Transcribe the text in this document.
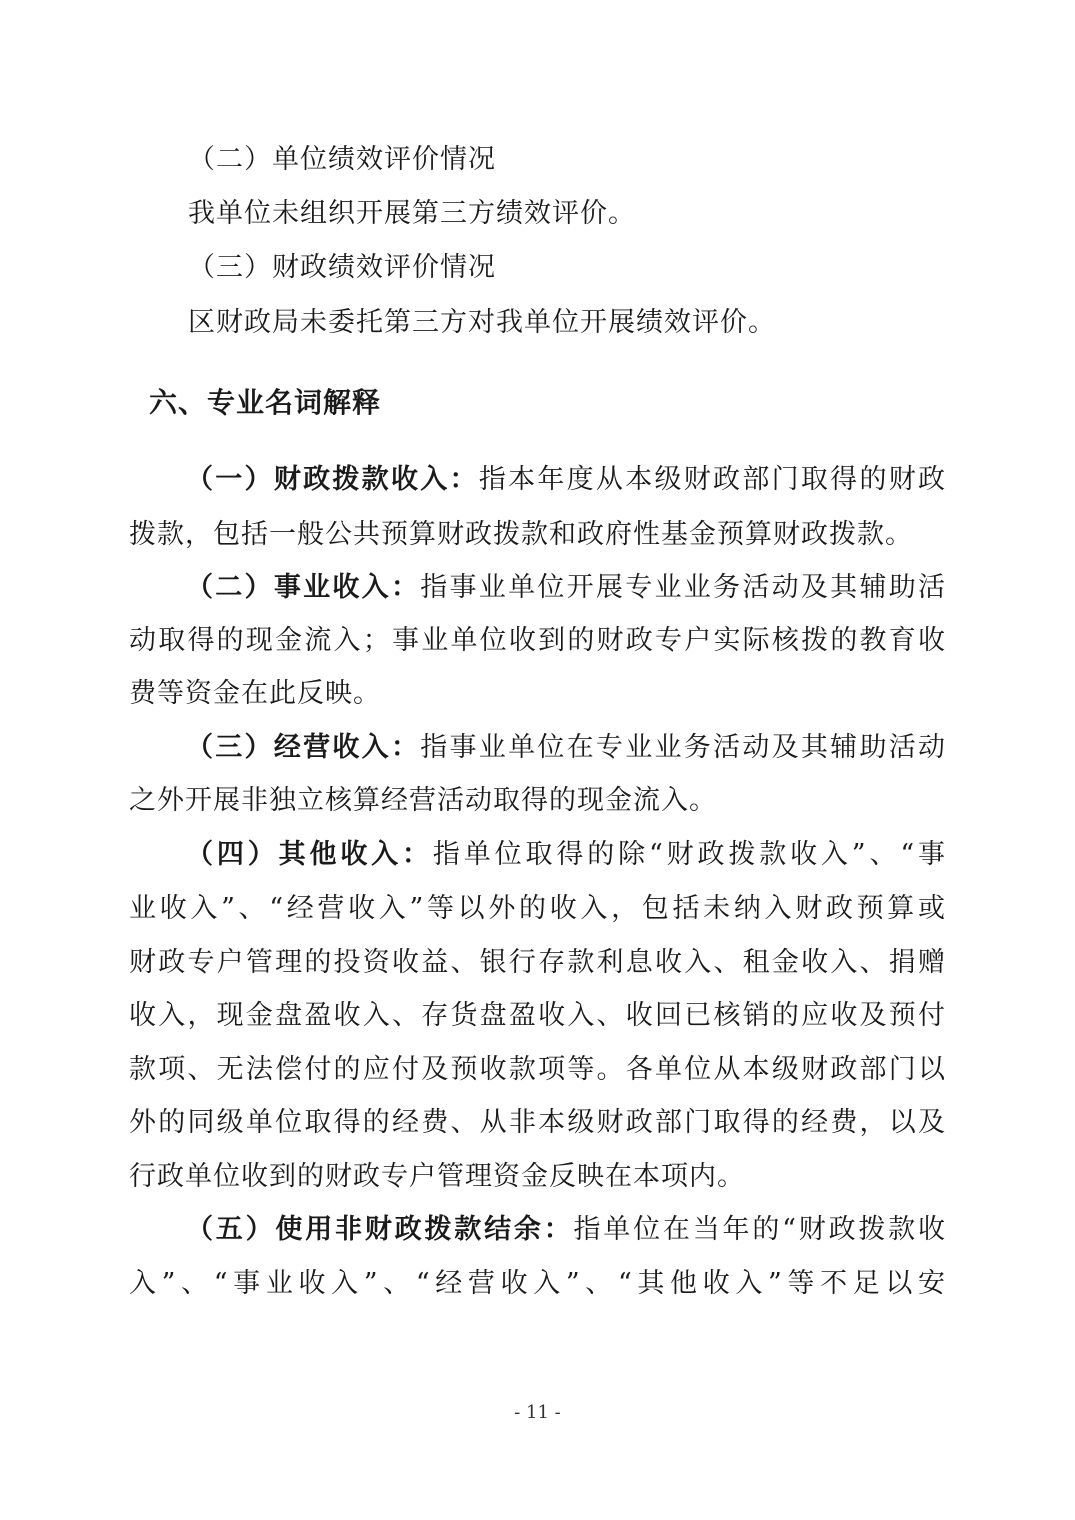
（二）单位绩效评价情况
我单位未组织开展第三方绩效评价。
（三）财政绩效评价情况
区财政局未委托第三方对我单位开展绩效评价。
六、专业名词解释
（一）财政拨款收入：指本年度从本级财政部门取得的财政
拨款，包括一般公共预算财政拨款和政府性基金预算财政拨款。
（二）事业收入：指事业单位开展专业业务活动及其辅助活
动取得的现金流入；事业单位收到的财政专户实际核拨的教育收
费等资金在此反映。
（三）经营收入：指事业单位在专业业务活动及其辅助活动
之外开展非独立核算经营活动取得的现金流入。
（四）其他收入：指单位取得的除“财政拨款收入”、“事
业收入”、“经营收入”等以外的收入，包括未纳入财政预算或
财政专户管理的投资收益、银行存款利息收入、租金收入、捐赠
收入，现金盘盈收入、存货盘盈收入、收回已核销的应收及预付
款项、无法偿付的应付及预收款项等。各单位从本级财政部门以
外的同级单位取得的经费、从非本级财政部门取得的经费，以及
行政单位收到的财政专户管理资金反映在本项内。
（五）使用非财政拨款结余：指单位在当年的“财政拨款收
入”、“事业收入”、“经营收入”、“其他收入”等不足以安
- 11 -
